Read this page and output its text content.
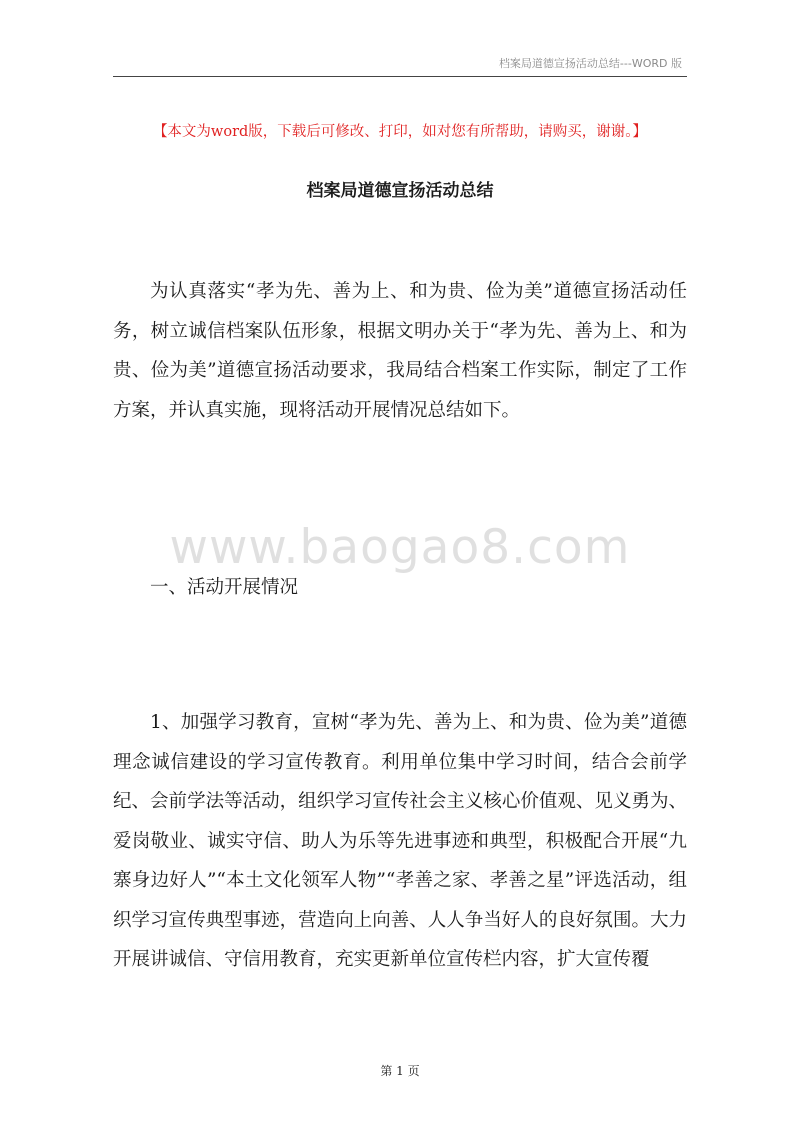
档案局道德宣扬活动总结---WORD 版
【本文为word版，下载后可修改、打印，如对您有所帮助，请购买，谢谢。】
档案局道德宣扬活动总结

为认真落实“孝为先、善为上、和为贵、俭为美”道德宣扬活动任务，树立诚信档案队伍形象，根据文明办关于“孝为先、善为上、和为贵、俭为美”道德宣扬活动要求，我局结合档案工作实际，制定了工作方案，并认真实施，现将活动开展情况总结如下。

www.baogao8.com

一、活动开展情况

1、加强学习教育，宣树“孝为先、善为上、和为贵、俭为美”道德理念诚信建设的学习宣传教育。利用单位集中学习时间，结合会前学纪、会前学法等活动，组织学习宣传社会主义核心价值观、见义勇为、爱岗敬业、诚实守信、助人为乐等先进事迹和典型，积极配合开展“九寨身边好人”“本土文化领军人物”“孝善之家、孝善之星”评选活动，组织学习宣传典型事迹，营造向上向善、人人争当好人的良好氛围。大力开展讲诚信、守信用教育，充实更新单位宣传栏内容，扩大宣传覆

第 1 页
